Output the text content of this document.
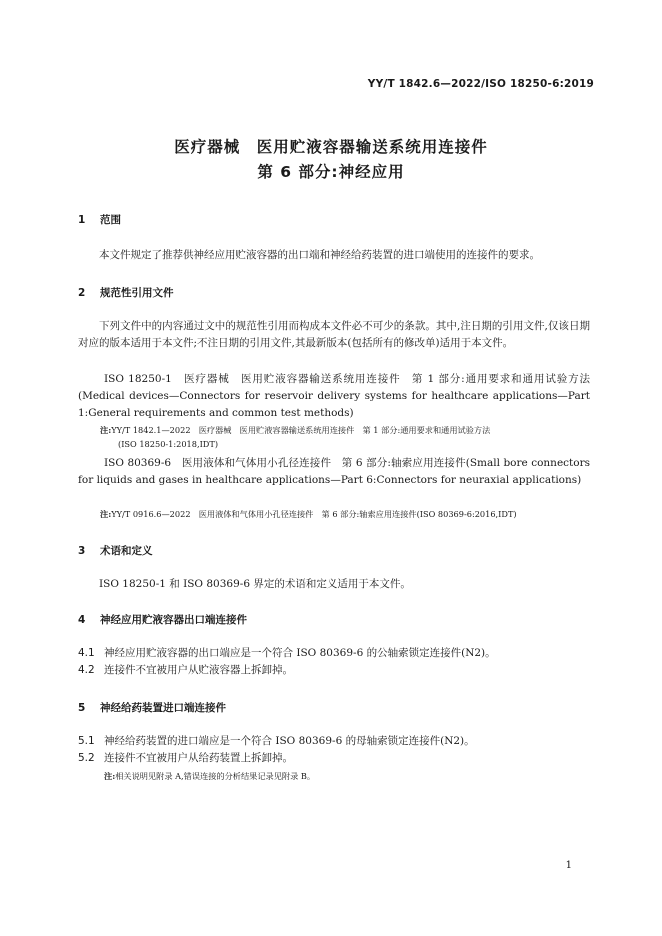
YY/T 1842.6—2022/ISO 18250-6:2019
医疗器械　医用贮液容器输送系统用连接件
第 6 部分:神经应用
1 范围
本文件规定了推荐供神经应用贮液容器的出口端和神经给药装置的进口端使用的连接件的要求。
2 规范性引用文件
下列文件中的内容通过文中的规范性引用而构成本文件必不可少的条款。其中,注日期的引用文件,仅该日期对应的版本适用于本文件;不注日期的引用文件,其最新版本(包括所有的修改单)适用于本文件。
ISO 18250-1　医疗器械　医用贮液容器输送系统用连接件　第 1 部分:通用要求和通用试验方法(Medical devices—Connectors for reservoir delivery systems for healthcare applications—Part 1:General requirements and common test methods)
注:YY/T 1842.1—2022　医疗器械　医用贮液容器输送系统用连接件　第 1 部分:通用要求和通用试验方法
(ISO 18250-1:2018,IDT)
ISO 80369-6　医用液体和气体用小孔径连接件　第 6 部分:轴索应用连接件(Small bore connectors for liquids and gases in healthcare applications—Part 6:Connectors for neuraxial applications)
注:YY/T 0916.6—2022　医用液体和气体用小孔径连接件　第 6 部分:轴索应用连接件(ISO 80369-6:2016,IDT)
3 术语和定义
ISO 18250-1 和 ISO 80369-6 界定的术语和定义适用于本文件。
4 神经应用贮液容器出口端连接件
4.1 神经应用贮液容器的出口端应是一个符合 ISO 80369-6 的公轴索锁定连接件(N2)。
4.2 连接件不宜被用户从贮液容器上拆卸掉。
5 神经给药装置进口端连接件
5.1 神经给药装置的进口端应是一个符合 ISO 80369-6 的母轴索锁定连接件(N2)。
5.2 连接件不宜被用户从给药装置上拆卸掉。
注:相关说明见附录 A,错误连接的分析结果记录见附录 B。
1
